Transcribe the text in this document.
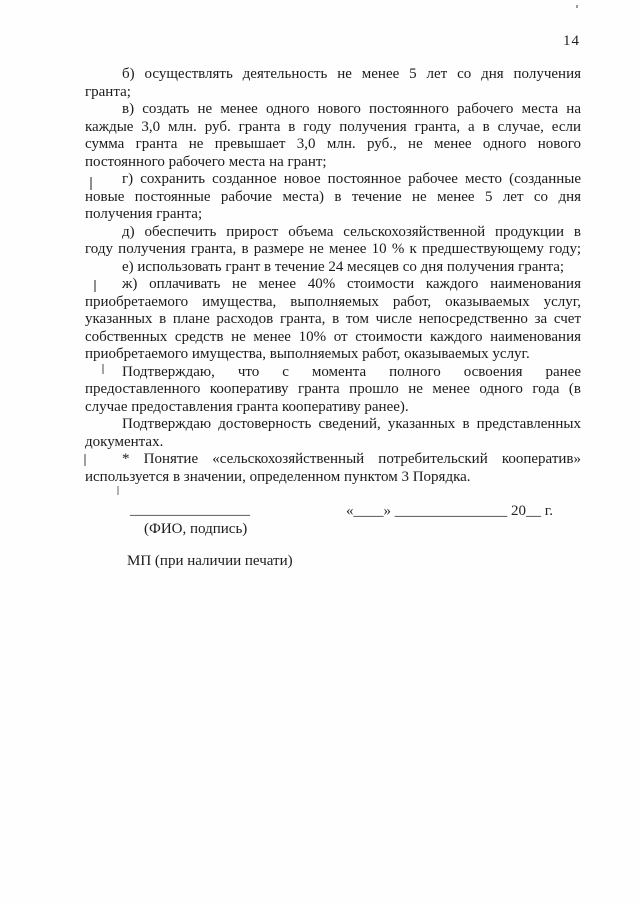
14
б) осуществлять деятельность не менее 5 лет со дня получения
гранта;
в) создать не менее одного нового постоянного рабочего места на
каждые 3,0 млн. руб. гранта в году получения гранта, а в случае, если
сумма гранта не превышает 3,0 млн. руб., не менее одного нового
постоянного рабочего места на грант;
г) сохранить созданное новое постоянное рабочее место (созданные
новые постоянные рабочие места) в течение не менее 5 лет со дня
получения гранта;
д) обеспечить прирост объема сельскохозяйственной продукции в
году получения гранта, в размере не менее 10 % к предшествующему году;
е) использовать грант в течение 24 месяцев со дня получения гранта;
ж) оплачивать не менее 40% стоимости каждого наименования
приобретаемого имущества, выполняемых работ, оказываемых услуг,
указанных в плане расходов гранта, в том числе непосредственно за счет
собственных средств не менее 10% от стоимости каждого наименования
приобретаемого имущества, выполняемых работ, оказываемых услуг.
Подтверждаю, что с момента полного освоения ранее
предоставленного кооперативу гранта прошло не менее одного года (в
случае предоставления гранта кооперативу ранее).
Подтверждаю достоверность сведений, указанных в представленных
документах.
* Понятие «сельскохозяйственный потребительский кооператив»
используется в значении, определенном пунктом 3 Порядка.
________________
(ФИО, подпись)
«____» _______________ 20__ г.
МП (при наличии печати)
